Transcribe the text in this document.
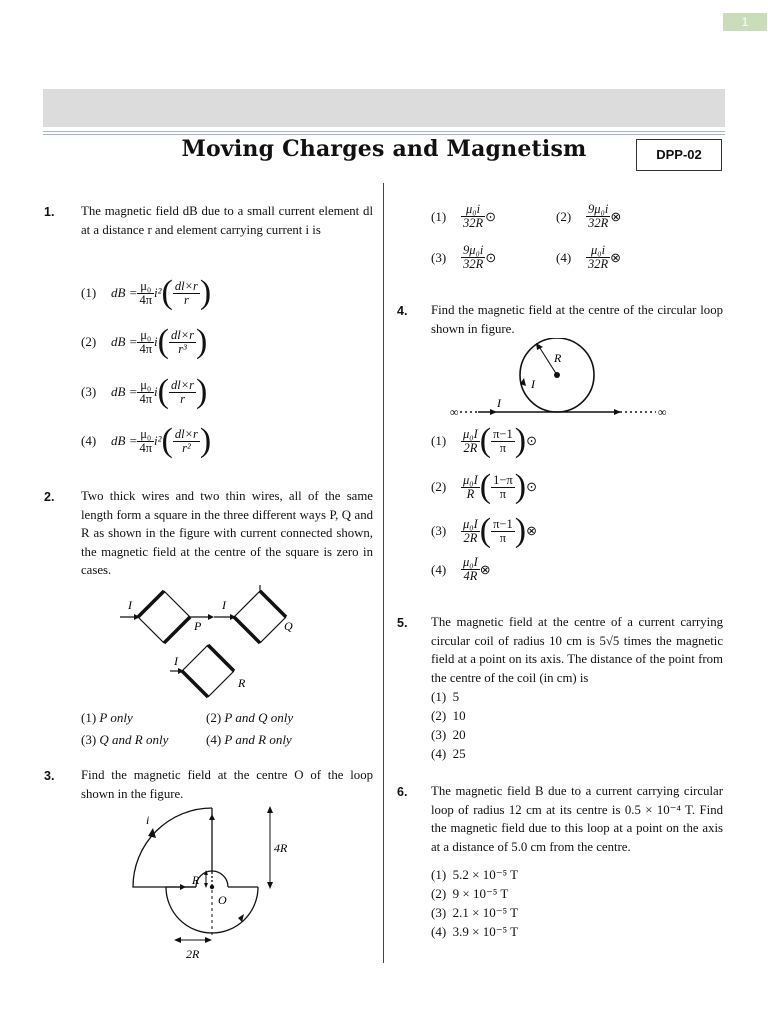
1
Moving Charges and Magnetism	DPP-02
1. The magnetic field dB due to a small current element dl at a distance r and element carrying current i is
2. Two thick wires and two thin wires, all of the same length form a square in the three different ways P, Q and R as shown in the figure with current connected shown, the magnetic field at the centre of the square is zero in cases.
I
P
I
Q
I
R
(1) P only	(2) P and Q only
(3) Q and R only	(4) P and R only
3. Find the magnetic field at the centre O of the loop shown in the figure.
i
R
O
4R
2R
4. Find the magnetic field at the centre of the circular loop shown in figure.
∞	∞
R
I
I
5. The magnetic field at the centre of a current carrying circular coil of radius 10 cm is 5√5 times the magnetic field at a point on its axis. The distance of the point from the centre of the coil (in cm) is
(1) 5
(2) 10
(3) 20
(4) 25
6. The magnetic field B due to a current carrying circular loop of radius 12 cm at its centre is 0.5 × 10⁻⁴ T. Find the magnetic field due to this loop at a point on the axis at a distance of 5.0 cm from the centre.
(1) 5.2 × 10⁻⁵ T
(2) 9 × 10⁻⁵ T
(3) 2.1 × 10⁻⁵ T
(4) 3.9 × 10⁻⁵ T
(1)	dB = $\frac{\text{μ₀}}{4\pi} i^2$ ( $\frac{dl\times r}{r}$ )
(2)	dB = $\frac{\text{μ₀}}{4\pi}$ i ( $\frac{dl\times r}{\text{r³}}$ )
(3)	dB = $\frac{\text{μ₀}}{4\pi}$ i ( $\frac{dl\times r}{r}$ )
(4)	dB = $\frac{\text{μ₀}}{4\pi} i^2$ ( $\frac{dl\times r}{\text{r²}}$ )
(1)	$\frac{\text{μ₀i}}{32R}$ ⊙	(2)	$\frac{\text{9μ₀i}}{32R}$ ⊗
(3)	$\frac{\text{9μ₀i}}{32R}$ ⊙	(4)	$\frac{\text{μ₀i}}{32R}$ ⊗
(1)	$\frac{\text{μ₀I}}{2R}$ ( $\frac{\pi-1}{\pi}$ ) ⊙
(2)	$\frac{\text{μ₀I}}{R}$ ( $\frac{1-\pi}{\pi}$ ) ⊙
(3)	$\frac{\text{μ₀I}}{2R}$ ( $\frac{\pi-1}{\pi}$ ) ⊗
(4)	$\frac{\text{μ₀I}}{4R}$ ⊗
